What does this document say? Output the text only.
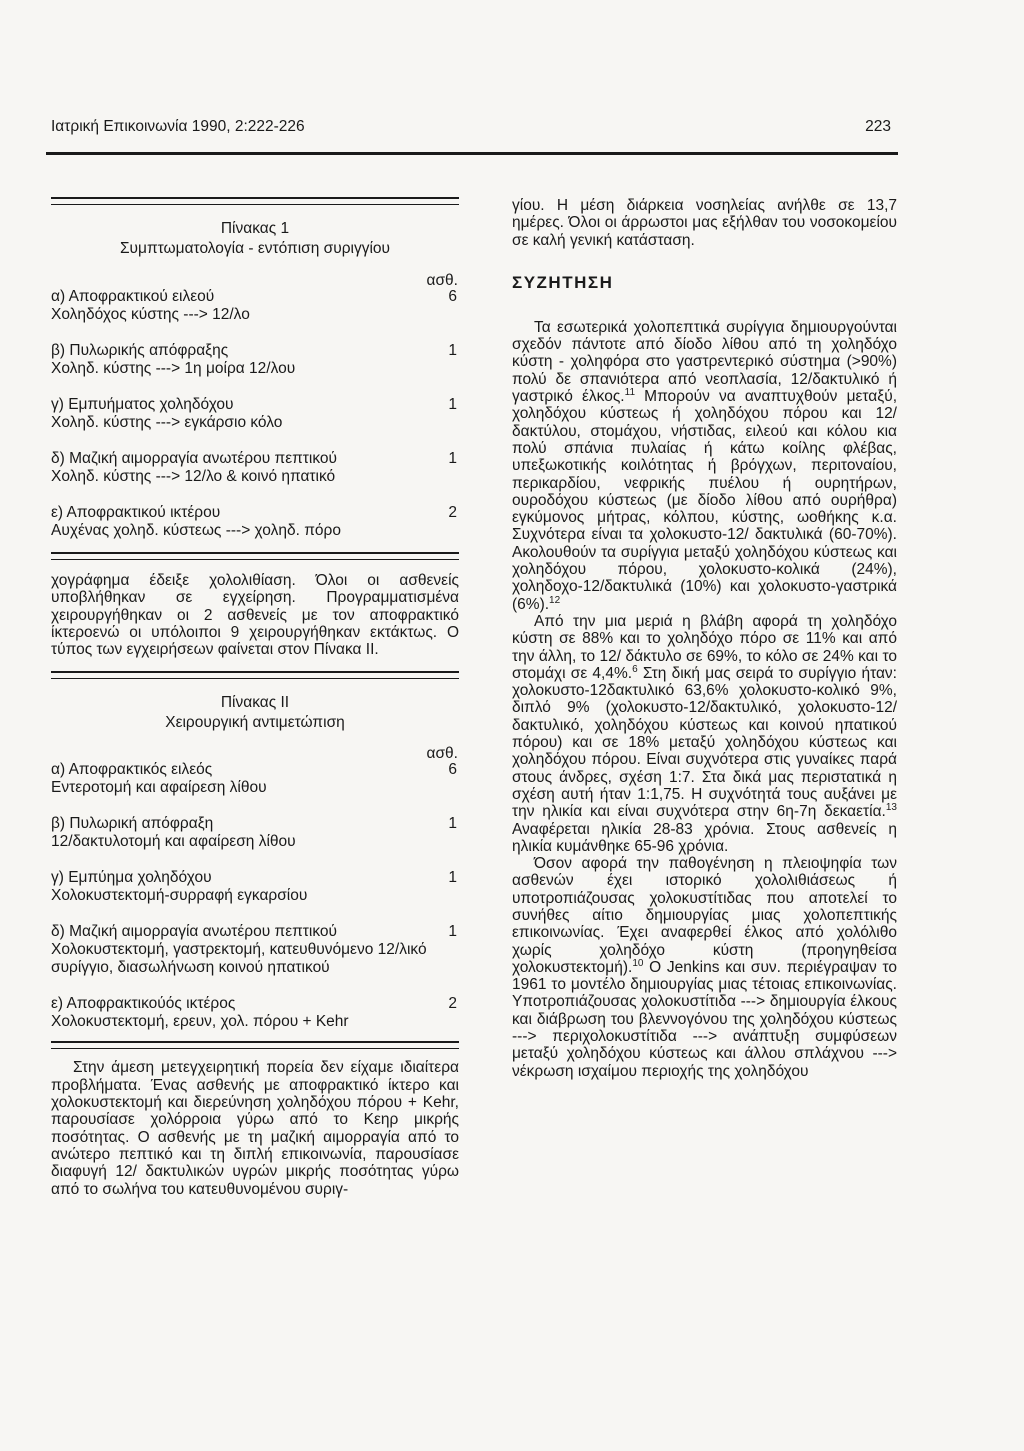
Ιατρική Επικοινωνία 1990, 2:222-226	223
Πίνακας 1
Συμπτωματολογία - εντόπιση συριγγίου
ασθ.
α) Αποφρακτικού ειλεού
Χοληδόχος κύστης ---> 12/λο
6
β) Πυλωρικής απόφραξης
Χοληδ. κύστης ---> 1η μοίρα 12/λου
1
γ) Εμπυήματος χοληδόχου
Χοληδ. κύστης ---> εγκάρσιο κόλο
1
δ) Μαζική αιμορραγία ανωτέρου πεπτικού
Χοληδ. κύστης ---> 12/λο & κοινό ηπατικό
1
ε) Αποφρακτικού ικτέρου
Αυχένας χοληδ. κύστεως ---> χοληδ. πόρο
2

χογράφημα έδειξε χολολιθίαση. Όλοι οι ασθενείς υποβλήθηκαν σε εγχείρηση. Προγραμματισμένα χειρουργήθηκαν οι 2 ασθενείς με τον αποφρακτικό ίκτεροενώ οι υπόλοιποι 9 χειρουργήθηκαν εκτάκτως. Ο τύπος των εγχειρήσεων φαίνεται στον Πίνακα ΙΙ.

Πίνακας ΙΙ
Χειρουργική αντιμετώπιση
ασθ.
α) Αποφρακτικός ειλεός
Εντεροτομή και αφαίρεση λίθου
6
β) Πυλωρική απόφραξη
12/δακτυλοτομή και αφαίρεση λίθου
1
γ) Εμπύημα χοληδόχου
Χολοκυστεκτομή-συρραφή εγκαρσίου
1
δ) Μαζική αιμορραγία ανωτέρου πεπτικού
Χολοκυστεκτομή, γαστρεκτομή, κατευθυνόμενο 12/λικό συρίγγιο, διασωλήνωση κοινού ηπατικού
1
ε) Αποφρακτικούός ικτέρος
Χολοκυστεκτομή, ερευν, χολ. πόρου + Kehr
2

Στην άμεση μετεγχειρητική πορεία δεν είχαμε ιδιαίτερα προβλήματα. Ένας ασθενής με αποφρακτικό ίκτερο και χολοκυστεκτομή και διερεύνηση χοληδόχου πόρου + Kehr, παρουσίασε χολόρροια γύρω από το Κεηρ μικρής ποσότητας. Ο ασθενής με τη μαζική αιμορραγία από το ανώτερο πεπτικό και τη διπλή επικοινωνία, παρουσίασε διαφυγή 12/ δακτυλικών υγρών μικρής ποσότητας γύρω από το σωλήνα του κατευθυνομένου συριγ-

γίου. Η μέση διάρκεια νοσηλείας ανήλθε σε 13,7 ημέρες. Όλοι οι άρρωστοι μας εξήλθαν του νοσοκομείου σε καλή γενική κατάσταση.

ΣΥΖΗΤΗΣΗ

Τα εσωτερικά χολοπεπτικά συρίγγια δημιουργούνται σχεδόν πάντοτε από δίοδο λίθου από τη χοληδόχο κύστη - χοληφόρα στο γαστρεντερικό σύστημα (>90%) πολύ δε σπανιότερα από νεοπλασία, 12/δακτυλικό ή γαστρικό έλκος.$^{11}$ Μπορούν να αναπτυχθούν μεταξύ, χοληδόχου κύστεως ή χοληδόχου πόρου και 12/δακτύλου, στομάχου, νήστιδας, ειλεού και κόλου κια πολύ σπάνια πυλαίας ή κάτω κοίλης φλέβας, υπεξωκοτικής κοιλότητας ή βρόγχων, περιτοναίου, περικαρδίου, νεφρικής πυέλου ή ουρητήρων, ουροδόχου κύστεως (με δίοδο λίθου από ουρήθρα) εγκύμονος μήτρας, κόλπου, κύστης, ωοθήκης κ.α. Συχνότερα είναι τα χολοκυστο-12/ δακτυλικά (60-70%). Ακολουθούν τα συρίγγια μεταξύ χοληδόχου κύστεως και χοληδόχου πόρου, χολοκυστο-κολικά (24%), χοληδοχο-12/δακτυλικά (10%) και χολοκυστο-γαστρικά (6%).$^{12}$

Από την μια μεριά η βλάβη αφορά τη χοληδόχο κύστη σε 88% και το χοληδόχο πόρο σε 11% και από την άλλη, το 12/ δάκτυλο σε 69%, το κόλο σε 24% και το στομάχι σε 4,4%.$^6$ Στη δική μας σειρά το συρίγγιο ήταν: χολοκυστο-12δακτυλικό 63,6% χολοκυστο-κολικό 9%, διπλό 9% (χολοκυστο-12/δακτυλικό, χολοκυστο-12/δακτυλικό, χοληδόχου κύστεως και κοινού ηπατικού πόρου) και σε 18% μεταξύ χοληδόχου κύστεως και χοληδόχου πόρου. Είναι συχνότερα στις γυναίκες παρά στους άνδρες, σχέση 1:7. Στα δικά μας περιστατικά η σχέση αυτή ήταν 1:1,75. Η συχνότητά τους αυξάνει με την ηλικία και είναι συχνότερα στην 6η-7η δεκαετία.$^{13}$ Αναφέρεται ηλικία 28-83 χρόνια. Στους ασθενείς η ηλικία κυμάνθηκε 65-96 χρόνια.

Όσον αφορά την παθογένηση η πλειοψηφία των ασθενών έχει ιστορικό χολολιθιάσεως ή υποτροπιάζουσας χολοκυστίτιδας που αποτελεί το συνήθες αίτιο δημιουργίας μιας χολοπεπτικής επικοινωνίας. Έχει αναφερθεί έλκος από χολόλιθο χωρίς χοληδόχο κύστη (προηγηθείσα χολοκυστεκτομή).$^{10}$ Ο Jenkins και συν. περιέγραψαν το 1961 το μοντέλο δημιουργίας μιας τέτοιας επικοινωνίας. Υποτροπιάζουσας χολοκυστίτιδα ---> δημιουργία έλκους και διάβρωση του βλεννογόνου της χοληδόχου κύστεως ---> περιχολοκυστίτιδα ---> ανάπτυξη συμφύσεων μεταξύ χοληδόχου κύστεως και άλλου σπλάχνου ---> νέκρωση ισχαίμου περιοχής της χοληδόχου
